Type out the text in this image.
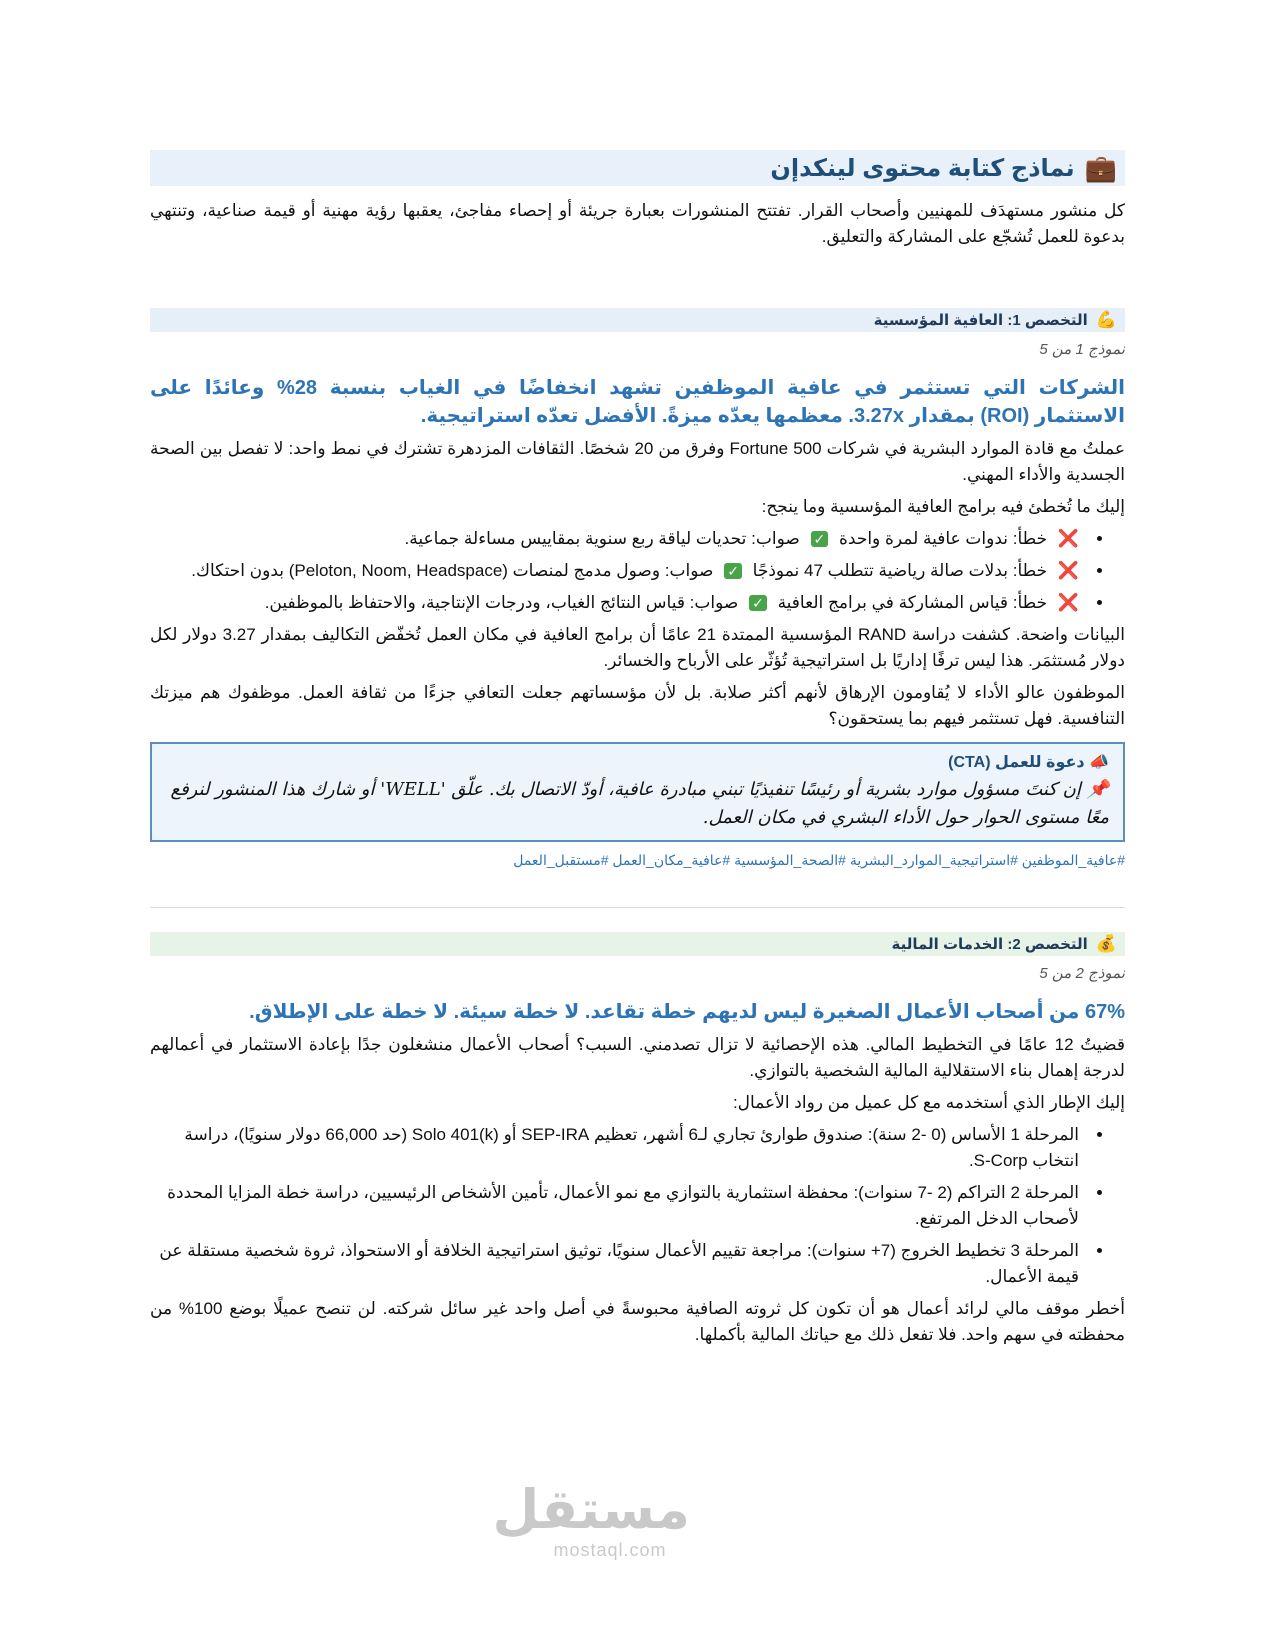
💼
نماذج كتابة محتوى لينكدإن
كل منشور مستهدَف للمهنيين وأصحاب القرار. تفتتح المنشورات بعبارة جريئة أو إحصاء مفاجئ، يعقبها رؤية مهنية أو قيمة صناعية، وتنتهي بدعوة للعمل تُشجّع على المشاركة والتعليق.
💪
التخصص 1: العافية المؤسسية
نموذج 1 من 5
الشركات التي تستثمر في عافية الموظفين تشهد انخفاضًا في الغياب بنسبة 28% وعائدًا على الاستثمار (ROI) بمقدار 3.27x. معظمها يعدّه ميزةً. الأفضل تعدّه استراتيجية.
عملتُ مع قادة الموارد البشرية في شركات Fortune 500 وفرق من 20 شخصًا. الثقافات المزدهرة تشترك في نمط واحد: لا تفصل بين الصحة الجسدية والأداء المهني.
إليك ما تُخطئ فيه برامج العافية المؤسسية وما ينجح:
• ❌ خطأ: ندوات عافية لمرة واحدة ✓ صواب: تحديات لياقة ربع سنوية بمقاييس مساءلة جماعية.
• ❌ خطأ: بدلات صالة رياضية تتطلب 47 نموذجًا ✓ صواب: وصول مدمج لمنصات (Peloton, Noom, Headspace) بدون احتكاك.
• ❌ خطأ: قياس المشاركة في برامج العافية ✓ صواب: قياس النتائج الغياب، ودرجات الإنتاجية، والاحتفاظ بالموظفين.
البيانات واضحة. كشفت دراسة RAND المؤسسية الممتدة 21 عامًا أن برامج العافية في مكان العمل تُخفّض التكاليف بمقدار 3.27 دولار لكل دولار مُستثمَر. هذا ليس ترفًا إداريًا بل استراتيجية تُؤثّر على الأرباح والخسائر.
الموظفون عالو الأداء لا يُقاومون الإرهاق لأنهم أكثر صلابة. بل لأن مؤسساتهم جعلت التعافي جزءًا من ثقافة العمل. موظفوك هم ميزتك التنافسية. فهل تستثمر فيهم بما يستحقون؟
📣 دعوة للعمل (CTA)
📌 إن كنتَ مسؤول موارد بشرية أو رئيسًا تنفيذيًا تبني مبادرة عافية، أودّ الاتصال بك. علّق 'WELL' أو شارك هذا المنشور لنرفع معًا مستوى الحوار حول الأداء البشري في مكان العمل.
#عافية_الموظفين #استراتيجية_الموارد_البشرية #الصحة_المؤسسية #عافية_مكان_العمل #مستقبل_العمل
💰
التخصص 2: الخدمات المالية
نموذج 2 من 5
67% من أصحاب الأعمال الصغيرة ليس لديهم خطة تقاعد. لا خطة سيئة. لا خطة على الإطلاق.
قضيتُ 12 عامًا في التخطيط المالي. هذه الإحصائية لا تزال تصدمني. السبب؟ أصحاب الأعمال منشغلون جدًا بإعادة الاستثمار في أعمالهم لدرجة إهمال بناء الاستقلالية المالية الشخصية بالتوازي.
إليك الإطار الذي أستخدمه مع كل عميل من رواد الأعمال:
• المرحلة 1 الأساس (0 -2 سنة): صندوق طوارئ تجاري لـ6 أشهر، تعظيم SEP-IRA أو Solo 401(k) (حد 66,000 دولار سنويًا)، دراسة انتخاب S-Corp.
• المرحلة 2 التراكم (2 -7 سنوات): محفظة استثمارية بالتوازي مع نمو الأعمال، تأمين الأشخاص الرئيسيين، دراسة خطة المزايا المحددة لأصحاب الدخل المرتفع.
• المرحلة 3 تخطيط الخروج (7+ سنوات): مراجعة تقييم الأعمال سنويًا، توثيق استراتيجية الخلافة أو الاستحواذ، ثروة شخصية مستقلة عن قيمة الأعمال.
أخطر موقف مالي لرائد أعمال هو أن تكون كل ثروته الصافية محبوسةً في أصل واحد غير سائل شركته. لن تنصح عميلًا بوضع 100% من محفظته في سهم واحد. فلا تفعل ذلك مع حياتك المالية بأكملها.
مستقل
mostaql.com
